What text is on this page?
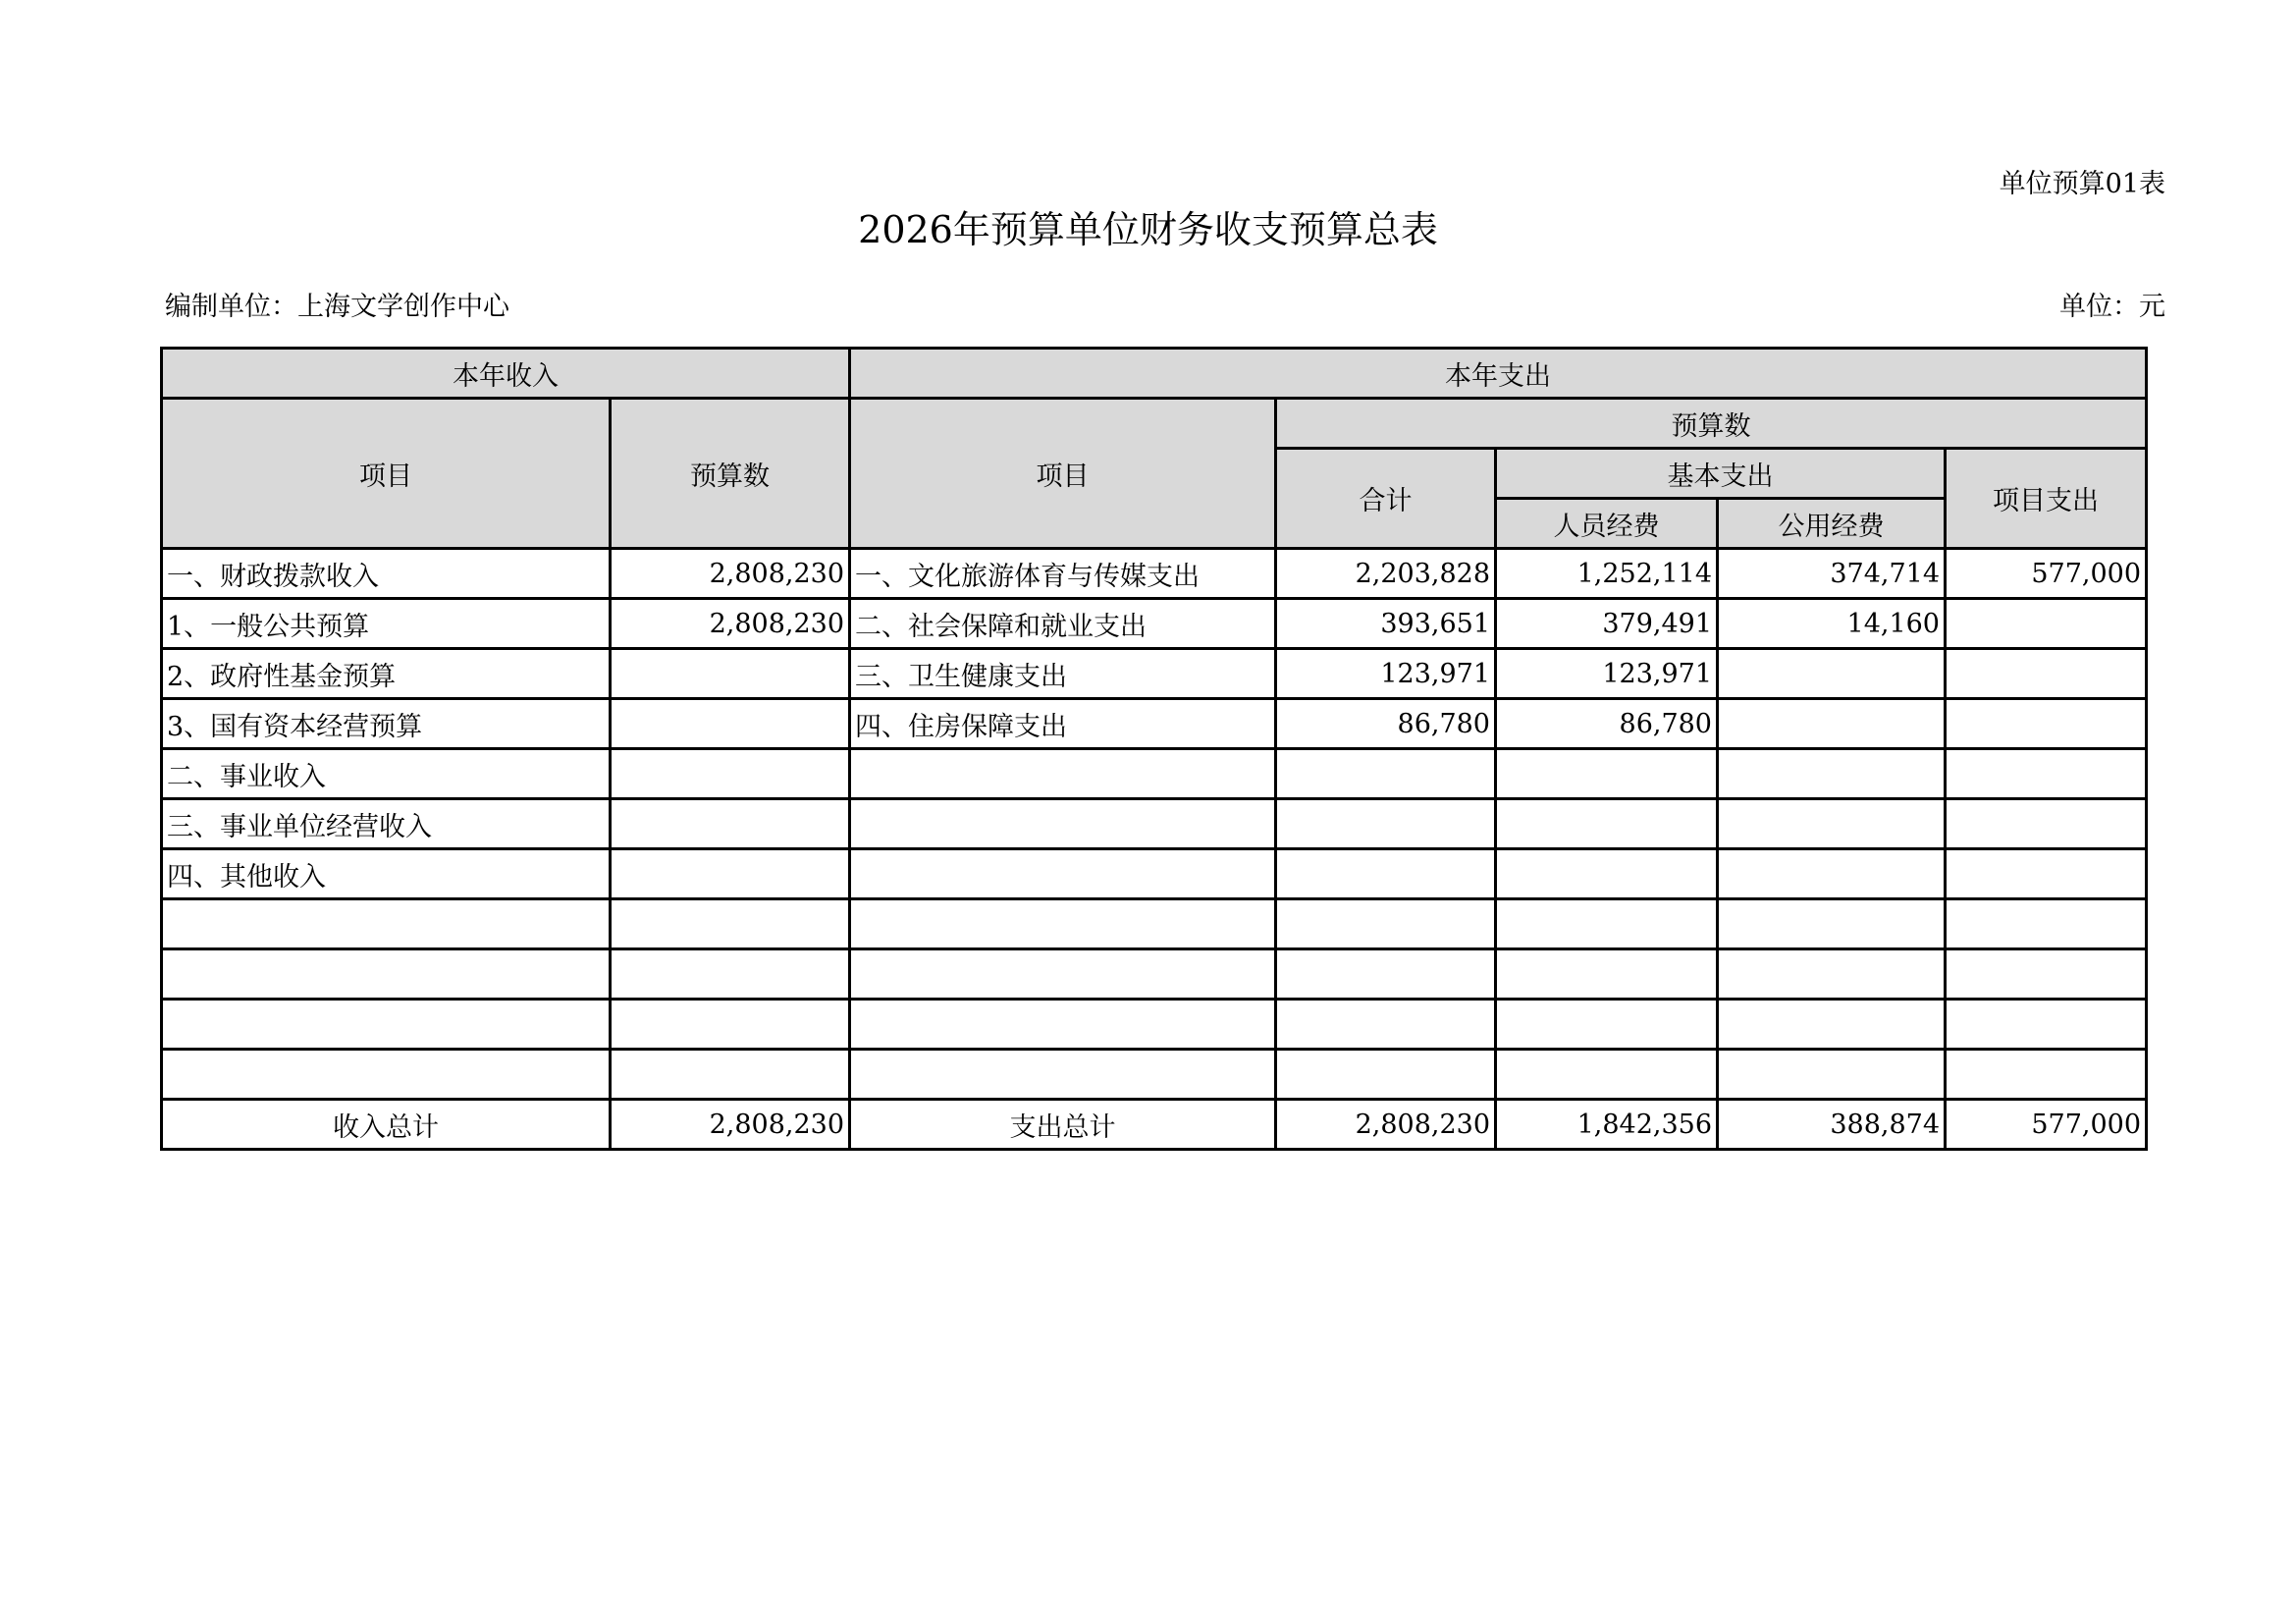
单位预算01表
2026年预算单位财务收支预算总表
编制单位：上海文学创作中心	单位：元
本年收入		本年支出				
项目	预算数	项目	预算数			
			合计	基本支出		项目支出
				人员经费	公用经费	
一、财政拨款收入	2,808,230	一、文化旅游体育与传媒支出	2,203,828	1,252,114	374,714	577,000
1、一般公共预算	2,808,230	二、社会保障和就业支出	393,651	379,491	14,160	
2、政府性基金预算		三、卫生健康支出	123,971	123,971		
3、国有资本经营预算		四、住房保障支出	86,780	86,780		
二、事业收入						
三、事业单位经营收入						
四、其他收入						

收入总计	2,808,230	支出总计	2,808,230	1,842,356	388,874	577,000
